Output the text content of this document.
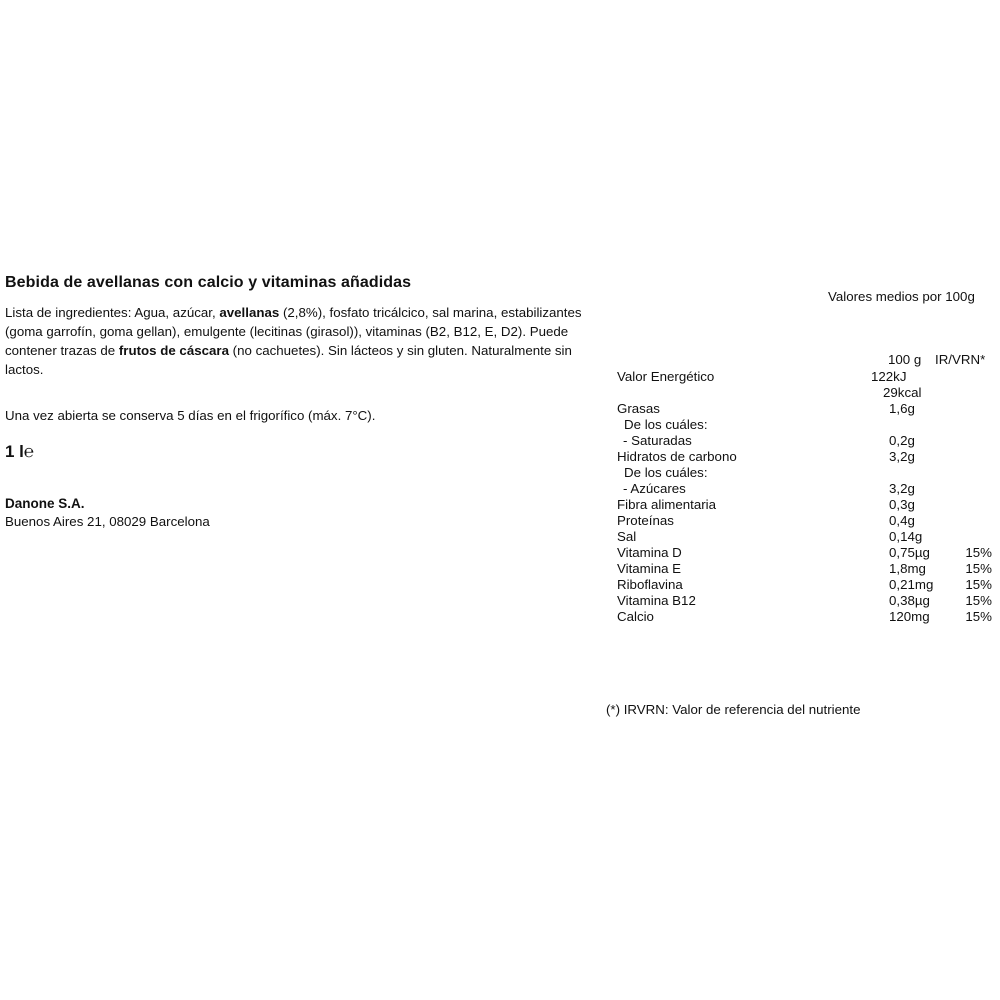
Bebida de avellanas con calcio y vitaminas añadidas
Lista de ingredientes: Agua, azúcar, avellanas (2,8%), fosfato tricálcico, sal marina, estabilizantes (goma garrofín, goma gellan), emulgente (lecitinas (girasol)), vitaminas (B2, B12, E, D2). Puede contener trazas de frutos de cáscara (no cachuetes). Sin lácteos y sin gluten. Naturalmente sin lactos.
Una vez abierta se conserva 5 días en el frigorífico (máx. 7°C).
1 l℮
Danone S.A.
Buenos Aires 21, 08029 Barcelona
Valores medios por 100g
100 g IR/VRN*
Valor Energético	122kJ
29kcal
Grasas	1,6g
De los cuáles:
- Saturadas	0,2g
Hidratos de carbono	3,2g
De los cuáles:
- Azúcares	3,2g
Fibra alimentaria	0,3g
Proteínas	0,4g
Sal	0,14g
Vitamina D	0,75µg	15%
Vitamina E	1,8mg	15%
Riboflavina	0,21mg 15%
Vitamina B12	0,38µg	15%
Calcio	120mg	15%
(*) IRVRN: Valor de referencia del nutriente
